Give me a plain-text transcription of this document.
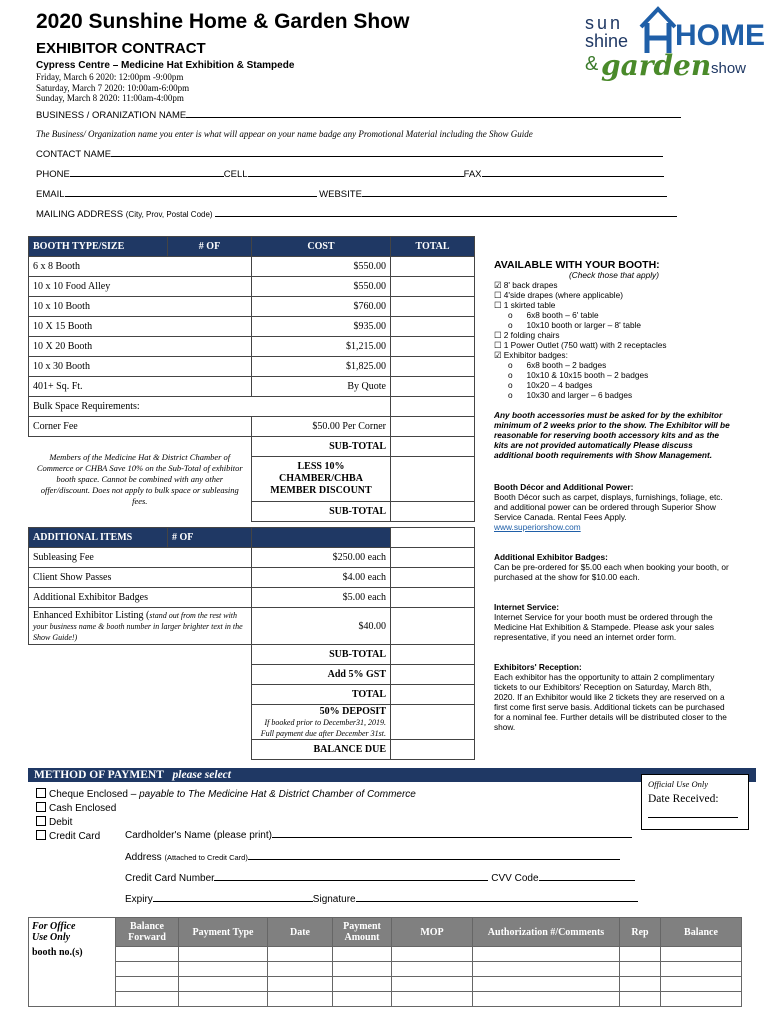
2020 Sunshine Home & Garden Show
EXHIBITOR CONTRACT
Cypress Centre – Medicine Hat Exhibition & Stampede
Friday, March 6 2020: 12:00pm -9:00pm
Saturday, March 7 2020: 10:00am-6:00pm
Sunday, March 8 2020: 11:00am-4:00pm
sun
shine HOME
& garden show
BUSINESS / ORANIZATION NAME
The Business/ Organization name you enter is what will appear on your name badge any Promotional Material including the Show Guide
CONTACT NAME
PHONE	CELL	FAX
EMAIL	WEBSITE
MAILING ADDRESS (City, Prov, Postal Code)
BOOTH TYPE/SIZE	# OF	COST	TOTAL
6 x 8 Booth		$550.00	
10 x 10 Food Alley		$550.00	
10 x 10 Booth		$760.00	
10 X 15 Booth		$935.00	
10 X 20 Booth		$1,215.00	
10 x 30 Booth		$1,825.00	
401+ Sq. Ft.		By Quote	
Bulk Space Requirements:			
Corner Fee		$50.00 Per Corner	
Members of the Medicine Hat & District Chamber of Commerce or CHBA Save 10% on the Sub-Total of exhibitor booth space. Cannot be combined with any other offer/discount. Does not apply to bulk space or subleasing fees.		SUB-TOTAL	
		LESS 10% CHAMBER/CHBA MEMBER DISCOUNT	

		SUB-TOTAL	
ADDITIONAL ITEMS	# OF		
Subleasing Fee		$250.00 each	
Client Show Passes		$4.00 each	
Additional Exhibitor Badges		$5.00 each	
Enhanced Exhibitor Listing (stand out from the rest with your business name & booth number in larger brighter text in the Show Guide!)		$40.00	
		SUB-TOTAL	
		Add 5% GST	
		TOTAL	
		50% DEPOSIT
If booked prior to December31, 2019.
Full payment due after December 31st.	
		BALANCE DUE	
AVAILABLE WITH YOUR BOOTH:
(Check those that apply)
☑ 8' back drapes
☐ 4'side drapes (where applicable)
☐ 1 skirted table
o      6x8 booth – 6' table
o      10x10 booth or larger – 8' table
☐ 2 folding chairs
☐ 1 Power Outlet (750 watt) with 2 receptacles
☑ Exhibitor badges:
o      6x8 booth – 2 badges
o      10x10 & 10x15 booth – 2 badges
o      10x20 – 4 badges
o      10x30 and larger – 6 badges
Any booth accessories must be asked for by the exhibitor minimum of 2 weeks prior to the show. The Exhibitor will be reasonable for reserving booth accessory kits and as the kits are not provided automatically Please discuss additional booth requirements with Show Management.
Booth Décor and Additional Power:
Booth Décor such as carpet, displays, furnishings, foliage, etc. and additional power can be ordered through Superior Show Service Canada. Rental Fees Apply.
www.superiorshow.com
Additional Exhibitor Badges:
Can be pre-ordered for $5.00 each when booking your booth, or purchased at the show for $10.00 each.
Internet Service:
Internet Service for your booth must be ordered through the Medicine Hat Exhibition & Stampede. Please ask your sales representative, if you need an internet order form.
Exhibitors' Reception:
Each exhibitor has the opportunity to attain 2 complimentary tickets to our Exhibitors' Reception on Saturday, March 8th, 2020. If an Exhibitor would like 2 tickets they are reserved on a first come first serve basis. Additional tickets can be purchased for a nominal fee. Further details will be distributed closer to the show.
METHOD OF PAYMENT please select
Official Use Only
Date Received:
Cheque Enclosed – payable to The Medicine Hat & District Chamber of Commerce
Cash Enclosed
Debit
Credit Card	Cardholder's Name (please print)
Address (Attached to Credit Card)
Credit Card Number	CVV Code
Expiry	Signature
For Office
Use Only	Balance Forward	Payment Type	Date	Payment Amount	MOP	Authorization #/Comments	Rep	Balance
booth no.(s)								
